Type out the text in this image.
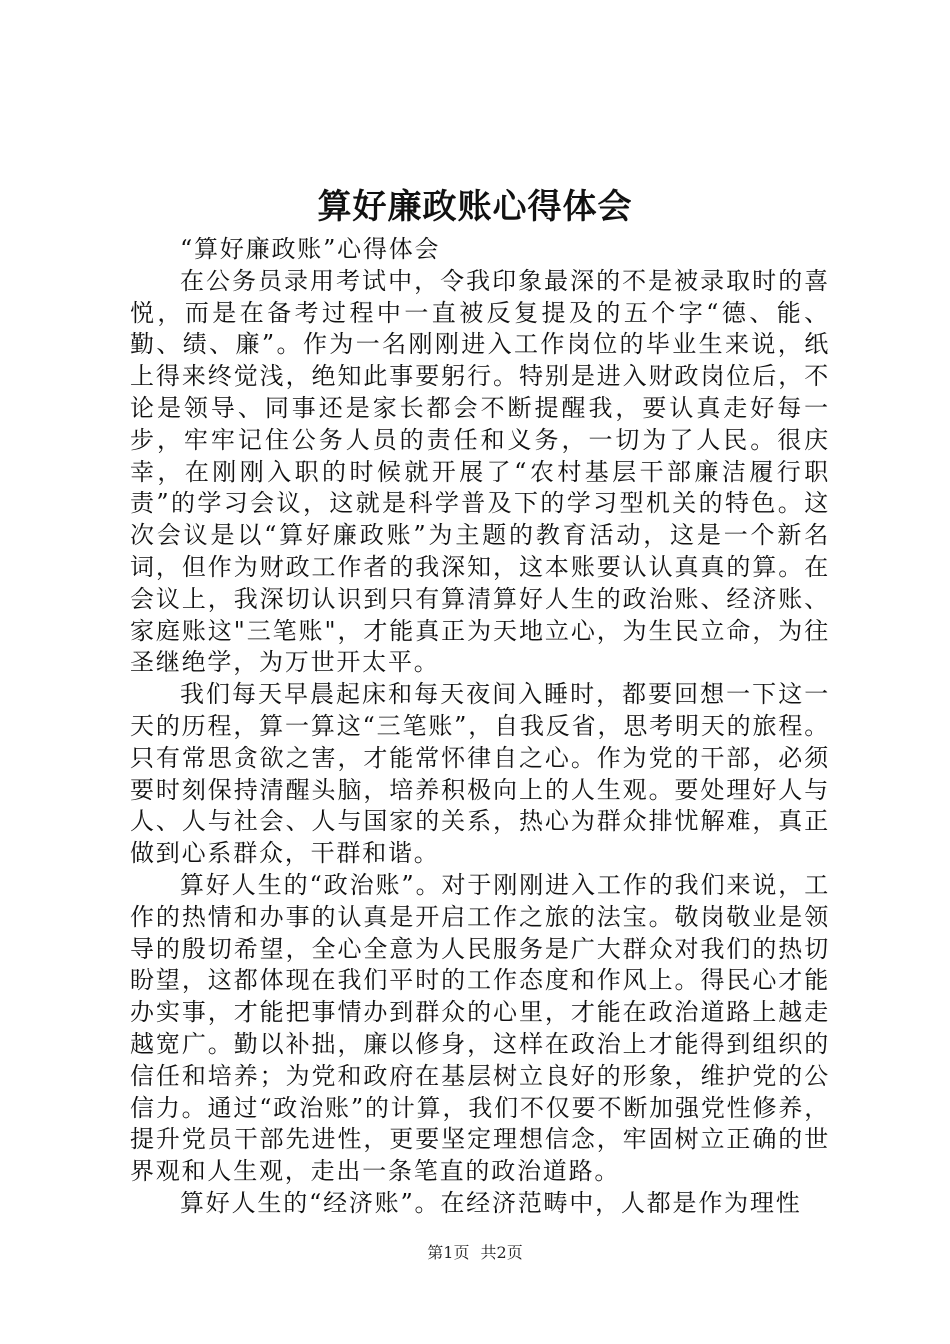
算好廉政账心得体会

“算好廉政账”心得体会

在公务员录用考试中，令我印象最深的不是被录取时的喜悦，而是在备考过程中一直被反复提及的五个字“德、能、勤、绩、廉”。作为一名刚刚进入工作岗位的毕业生来说，纸上得来终觉浅，绝知此事要躬行。特别是进入财政岗位后，不论是领导、同事还是家长都会不断提醒我，要认真走好每一步，牢牢记住公务人员的责任和义务，一切为了人民。很庆幸，在刚刚入职的时候就开展了“农村基层干部廉洁履行职责”的学习会议，这就是科学普及下的学习型机关的特色。这次会议是以“算好廉政账”为主题的教育活动，这是一个新名词，但作为财政工作者的我深知，这本账要认认真真的算。在会议上，我深切认识到只有算清算好人生的政治账、经济账、家庭账这"三笔账"，才能真正为天地立心，为生民立命，为往圣继绝学，为万世开太平。

我们每天早晨起床和每天夜间入睡时，都要回想一下这一天的历程，算一算这“三笔账”，自我反省，思考明天的旅程。只有常思贪欲之害，才能常怀律自之心。作为党的干部，必须要时刻保持清醒头脑，培养积极向上的人生观。要处理好人与人、人与社会、人与国家的关系，热心为群众排忧解难，真正做到心系群众，干群和谐。

算好人生的“政治账”。对于刚刚进入工作的我们来说，工作的热情和办事的认真是开启工作之旅的法宝。敬岗敬业是领导的殷切希望，全心全意为人民服务是广大群众对我们的热切盼望，这都体现在我们平时的工作态度和作风上。得民心才能办实事，才能把事情办到群众的心里，才能在政治道路上越走越宽广。勤以补拙，廉以修身，这样在政治上才能得到组织的信任和培养；为党和政府在基层树立良好的形象，维护党的公信力。通过“政治账”的计算，我们不仅要不断加强党性修养，提升党员干部先进性，更要坚定理想信念，牢固树立正确的世界观和人生观，走出一条笔直的政治道路。

算好人生的“经济账”。在经济范畴中，人都是作为理性

第1页 共2页
